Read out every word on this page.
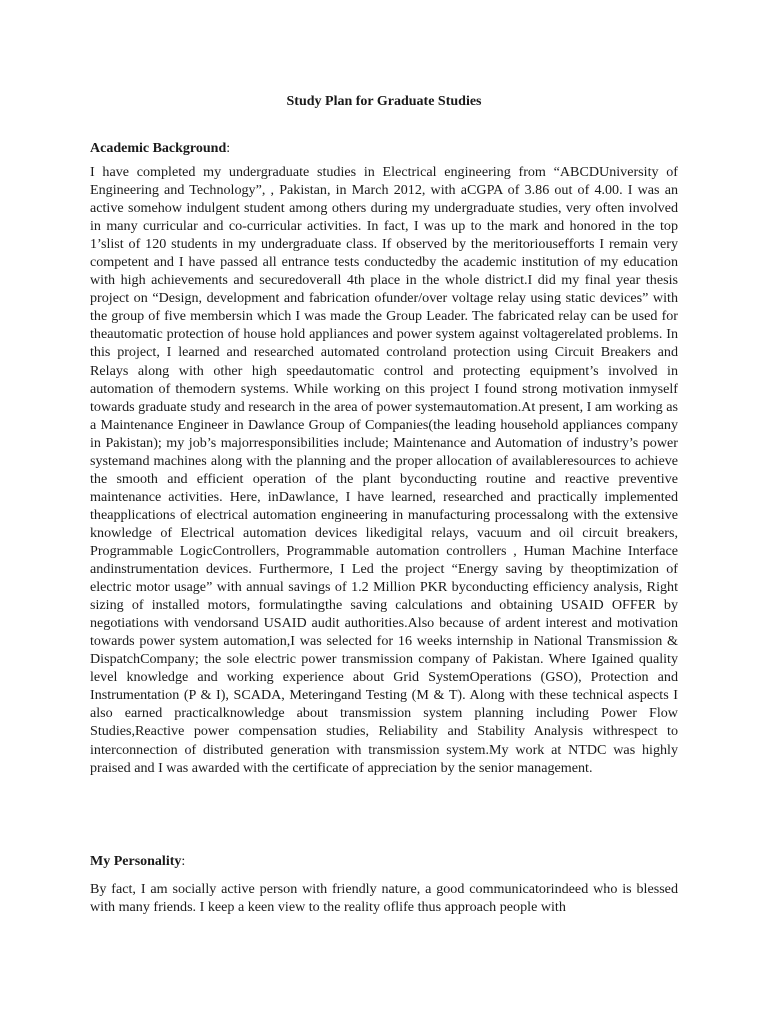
Study Plan for Graduate Studies
Academic Background:
I have completed my undergraduate studies in Electrical engineering from “ABCDUniversity of Engineering and Technology”, , Pakistan, in March 2012, with aCGPA of 3.86 out of 4.00. I was an active somehow indulgent student among others during my undergraduate studies, very often involved in many curricular and co-curricular activities. In fact, I was up to the mark and honored in the top 1’slist of 120 students in my undergraduate class. If observed by the meritoriousefforts I remain very competent and I have passed all entrance tests conductedby the academic institution of my education with high achievements and securedoverall 4th place in the whole district.I did my final year thesis project on “Design, development and fabrication ofunder/over voltage relay using static devices” with the group of five membersin which I was made the Group Leader. The fabricated relay can be used for theautomatic protection of house hold appliances and power system against voltagerelated problems. In this project, I learned and researched automated controland protection using Circuit Breakers and Relays along with other high speedautomatic control and protecting equipment’s involved in automation of themodern systems. While working on this project I found strong motivation inmyself towards graduate study and research in the area of power systemautomation.At present, I am working as a Maintenance Engineer in Dawlance Group of Companies(the leading household appliances company in Pakistan); my job’s majorresponsibilities include; Maintenance and Automation of industry’s power systemand machines along with the planning and the proper allocation of availableresources to achieve the smooth and efficient operation of the plant byconducting routine and reactive preventive maintenance activities. Here, inDawlance, I have learned, researched and practically implemented theapplications of electrical automation engineering in manufacturing processalong with the extensive knowledge of Electrical automation devices likedigital relays, vacuum and oil circuit breakers, Programmable LogicControllers, Programmable automation controllers , Human Machine Interface andinstrumentation devices. Furthermore, I Led the project “Energy saving by theoptimization of electric motor usage” with annual savings of 1.2 Million PKR byconducting efficiency analysis, Right sizing of installed motors, formulatingthe saving calculations and obtaining USAID OFFER by negotiations with vendorsand USAID audit authorities.Also because of ardent interest and motivation towards power system automation,I was selected for 16 weeks internship in National Transmission & DispatchCompany; the sole electric power transmission company of Pakistan. Where Igained quality level knowledge and working experience about Grid SystemOperations (GSO), Protection and Instrumentation (P & I), SCADA, Meteringand Testing (M & T). Along with these technical aspects I also earned practicalknowledge about transmission system planning including Power Flow Studies,Reactive power compensation studies, Reliability and Stability Analysis withrespect to interconnection of distributed generation with transmission system.My work at NTDC was highly praised and I was awarded with the certificate of appreciation by the senior management.
My Personality:
By fact, I am socially active person with friendly nature, a good communicatorindeed who is blessed with many friends. I keep a keen view to the reality oflife thus approach people with
